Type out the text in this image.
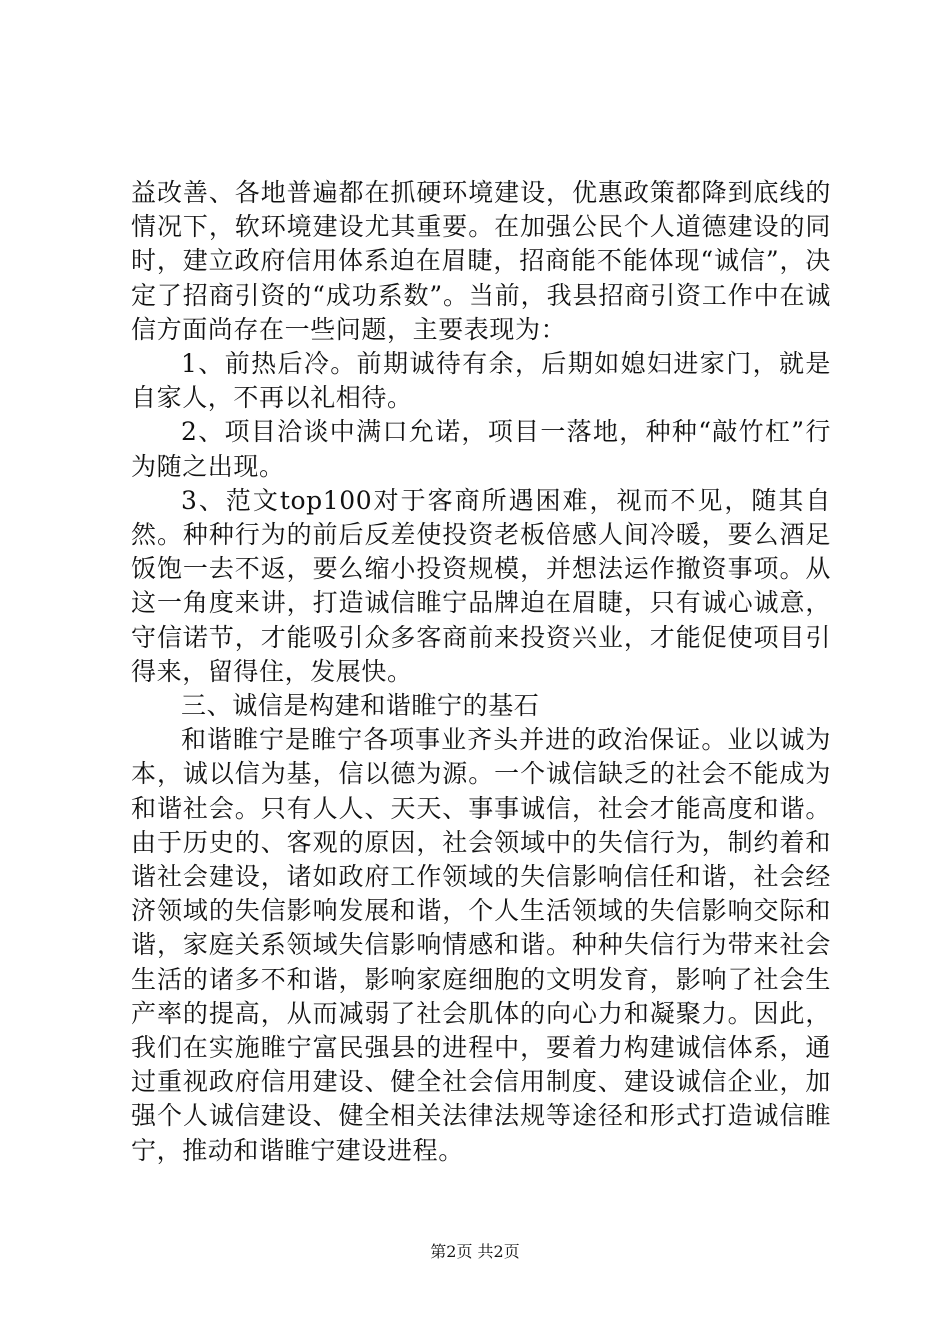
益改善、各地普遍都在抓硬环境建设，优惠政策都降到底线的情况下，软环境建设尤其重要。在加强公民个人道德建设的同时，建立政府信用体系迫在眉睫，招商能不能体现“诚信”，决定了招商引资的“成功系数”。当前，我县招商引资工作中在诚信方面尚存在一些问题，主要表现为：

1、前热后冷。前期诚待有余，后期如媳妇进家门，就是自家人，不再以礼相待。

2、项目洽谈中满口允诺，项目一落地，种种“敲竹杠”行为随之出现。

3、范文top100对于客商所遇困难，视而不见，随其自然。种种行为的前后反差使投资老板倍感人间冷暖，要么酒足饭饱一去不返，要么缩小投资规模，并想法运作撤资事项。从这一角度来讲，打造诚信睢宁品牌迫在眉睫，只有诚心诚意，守信诺节，才能吸引众多客商前来投资兴业，才能促使项目引得来，留得住，发展快。

三、诚信是构建和谐睢宁的基石

和谐睢宁是睢宁各项事业齐头并进的政治保证。业以诚为本，诚以信为基，信以德为源。一个诚信缺乏的社会不能成为和谐社会。只有人人、天天、事事诚信，社会才能高度和谐。由于历史的、客观的原因，社会领域中的失信行为，制约着和谐社会建设，诸如政府工作领域的失信影响信任和谐，社会经济领域的失信影响发展和谐，个人生活领域的失信影响交际和谐，家庭关系领域失信影响情感和谐。种种失信行为带来社会生活的诸多不和谐，影响家庭细胞的文明发育，影响了社会生产率的提高，从而减弱了社会肌体的向心力和凝聚力。因此，我们在实施睢宁富民强县的进程中，要着力构建诚信体系，通过重视政府信用建设、健全社会信用制度、建设诚信企业，加强个人诚信建设、健全相关法律法规等途径和形式打造诚信睢宁，推动和谐睢宁建设进程。

第2页 共2页
